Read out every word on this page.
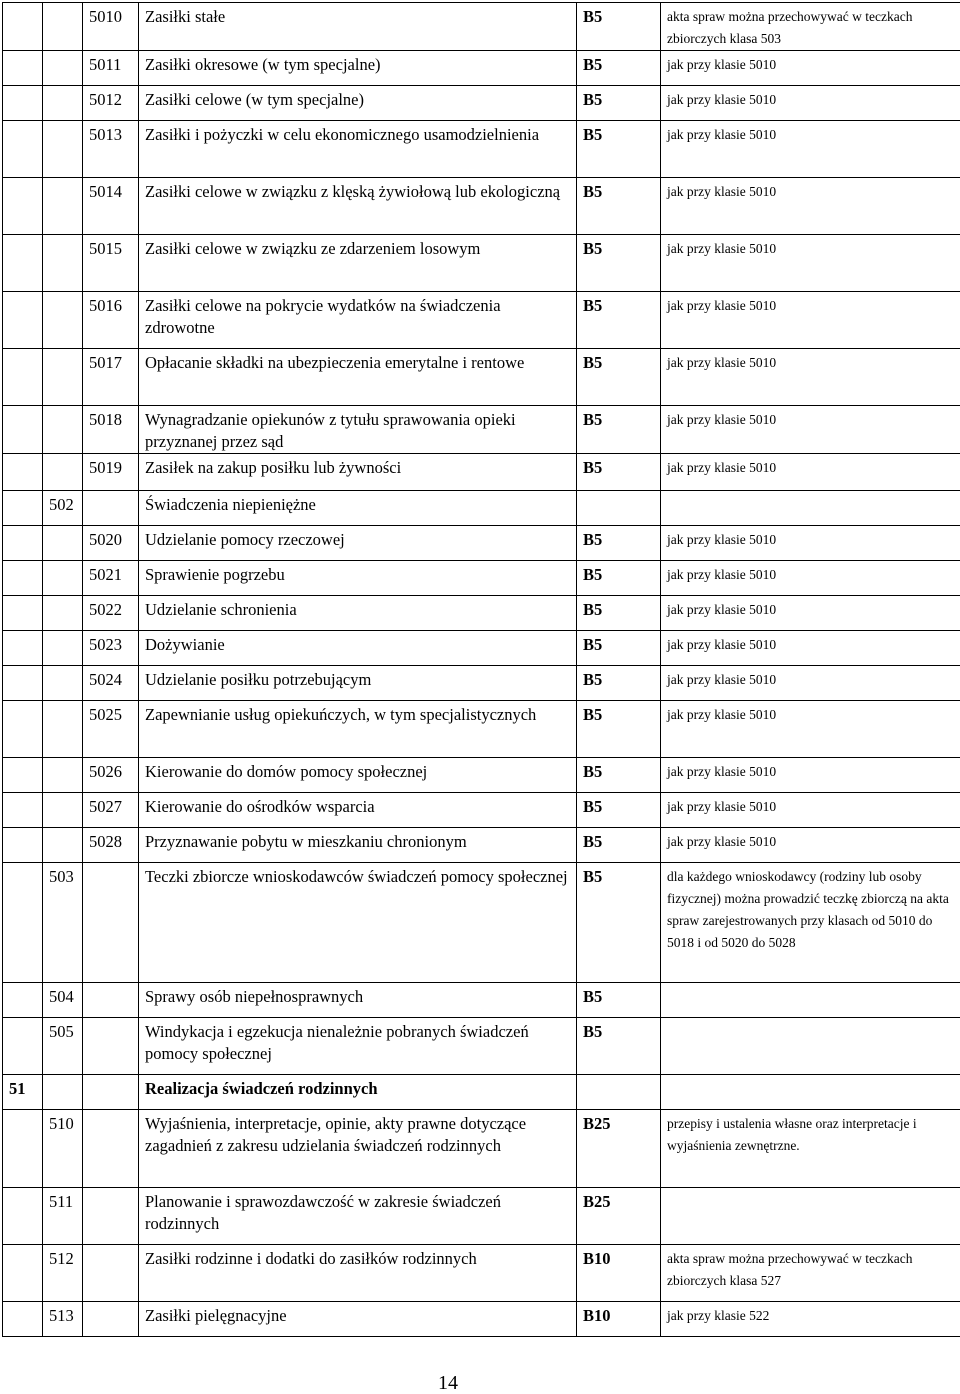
		5010	Zasiłki stałe	B5	akta spraw można przechowywać w teczkach zbiorczych klasa 503
		5011	Zasiłki okresowe (w tym specjalne)	B5	jak przy klasie 5010
		5012	Zasiłki celowe (w tym specjalne)	B5	jak przy klasie 5010
		5013	Zasiłki i pożyczki w celu ekonomicznego usamodzielnienia	B5	jak przy klasie 5010
		5014	Zasiłki celowe w związku z klęską żywiołową lub ekologiczną	B5	jak przy klasie 5010
		5015	Zasiłki celowe w związku ze zdarzeniem losowym	B5	jak przy klasie 5010
		5016	Zasiłki celowe na pokrycie wydatków na świadczenia zdrowotne	B5	jak przy klasie 5010
		5017	Opłacanie składki na ubezpieczenia emerytalne i rentowe	B5	jak przy klasie 5010
		5018	Wynagradzanie opiekunów z tytułu sprawowania opieki przyznanej przez sąd	B5	jak przy klasie 5010
		5019	Zasiłek na zakup posiłku lub żywności	B5	jak przy klasie 5010
	502		Świadczenia niepieniężne		
		5020	Udzielanie pomocy rzeczowej	B5	jak przy klasie 5010
		5021	Sprawienie pogrzebu	B5	jak przy klasie 5010
		5022	Udzielanie schronienia	B5	jak przy klasie 5010
		5023	Dożywianie	B5	jak przy klasie 5010
		5024	Udzielanie posiłku potrzebującym	B5	jak przy klasie 5010
		5025	Zapewnianie usług opiekuńczych, w tym specjalistycznych	B5	jak przy klasie 5010
		5026	Kierowanie do domów pomocy społecznej	B5	jak przy klasie 5010
		5027	Kierowanie do ośrodków wsparcia	B5	jak przy klasie 5010
		5028	Przyznawanie pobytu w mieszkaniu chronionym	B5	jak przy klasie 5010
	503		Teczki zbiorcze wnioskodawców świadczeń pomocy społecznej	B5	dla każdego wnioskodawcy (rodziny lub osoby fizycznej) można prowadzić teczkę zbiorczą na akta spraw zarejestrowanych przy klasach od 5010 do 5018 i od 5020 do 5028
	504		Sprawy osób niepełnosprawnych	B5	
	505		Windykacja i egzekucja nienależnie pobranych świadczeń pomocy społecznej	B5	
51			Realizacja świadczeń rodzinnych		
	510		Wyjaśnienia, interpretacje, opinie, akty prawne dotyczące zagadnień z zakresu udzielania świadczeń rodzinnych	B25	przepisy i ustalenia własne oraz interpretacje i wyjaśnienia zewnętrzne.
	511		Planowanie i sprawozdawczość w zakresie świadczeń rodzinnych	B25	
	512		Zasiłki rodzinne i dodatki do zasiłków rodzinnych	B10	akta spraw można przechowywać w teczkach zbiorczych klasa 527
	513		Zasiłki pielęgnacyjne	B10	jak przy klasie 522
14
